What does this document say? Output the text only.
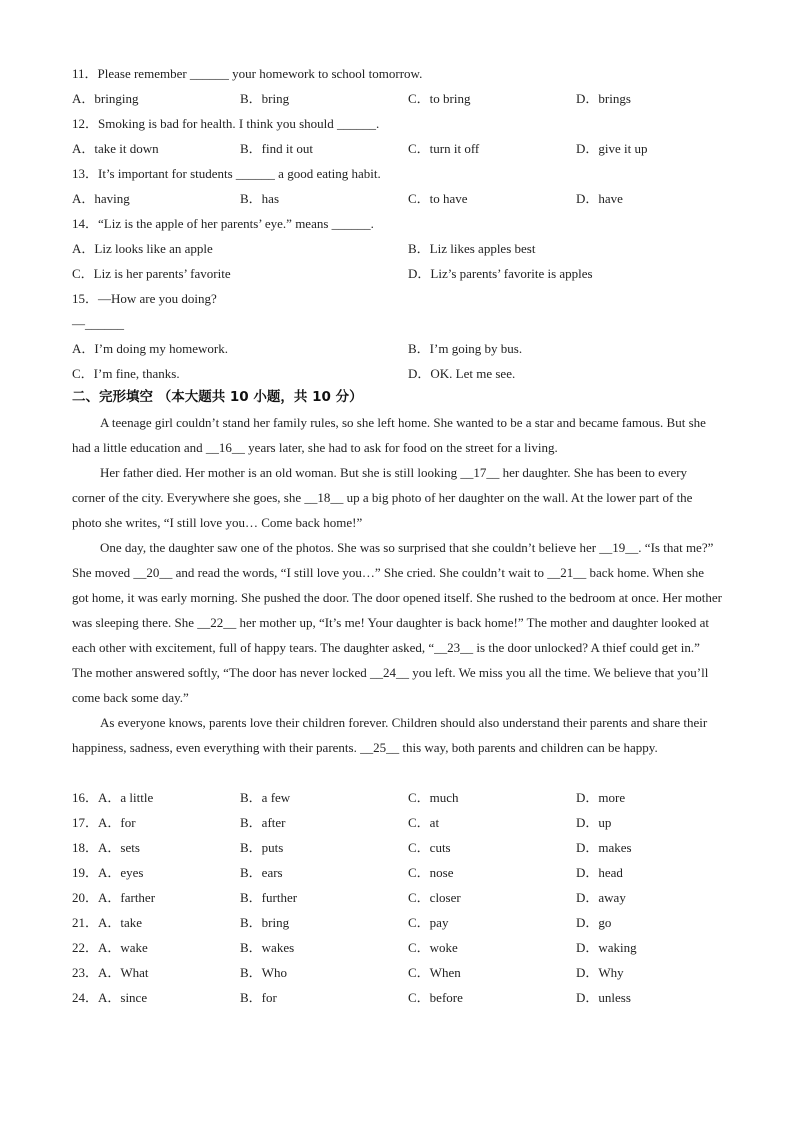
11．Please remember ______ your homework to school tomorrow.
A．bringing	B．bring	C．to bring	D．brings
12．Smoking is bad for health. I think you should ______.
A．take it down	B．find it out	C．turn it off	D．give it up
13．It’s important for students ______ a good eating habit.
A．having	B．has	C．to have	D．have
14．“Liz is the apple of her parents’ eye.” means ______.
A．Liz looks like an apple	B．Liz likes apples best
C．Liz is her parents’ favorite	D．Liz’s parents’ favorite is apples
15．—How are you doing?
—______
A．I’m doing my homework.	B．I’m going by bus.
C．I’m fine, thanks.	D．OK. Let me see.
二、完形填空 （本大题共 10 小题，共 10 分）

A teenage girl couldn’t stand her family rules, so she left home. She wanted to be a star and became famous. But she had a little education and __16__ years later, she had to ask for food on the street for a living.

Her father died. Her mother is an old woman. But she is still looking __17__ her daughter. She has been to every corner of the city. Everywhere she goes, she __18__ up a big photo of her daughter on the wall. At the lower part of the photo she writes, “I still love you… Come back home!”

One day, the daughter saw one of the photos. She was so surprised that she couldn’t believe her __19__. “Is that me?” She moved __20__ and read the words, “I still love you…” She cried. She couldn’t wait to __21__ back home. When she got home, it was early morning. She pushed the door. The door opened itself. She rushed to the bedroom at once. Her mother was sleeping there. She __22__ her mother up, “It’s me! Your daughter is back home!” The mother and daughter looked at each other with excitement, full of happy tears. The daughter asked, “__23__ is the door unlocked? A thief could get in.” The mother answered softly, “The door has never locked __24__ you left. We miss you all the time. We believe that you’ll come back some day.”

As everyone knows, parents love their children forever. Children should also understand their parents and share their happiness, sadness, even everything with their parents. __25__ this way, both parents and children can be happy.

16． A．a little	B．a few	C．much	D．more
17． A．for	B．after	C．at	D．up
18． A．sets	B．puts	C．cuts	D．makes
19． A．eyes	B．ears	C．nose	D．head
20． A．farther	B．further	C．closer	D．away
21． A．take	B．bring	C．pay	D．go
22． A．wake	B．wakes	C．woke	D．waking
23． A．What	B．Who	C．When	D．Why
24． A．since	B．for	C．before	D．unless
